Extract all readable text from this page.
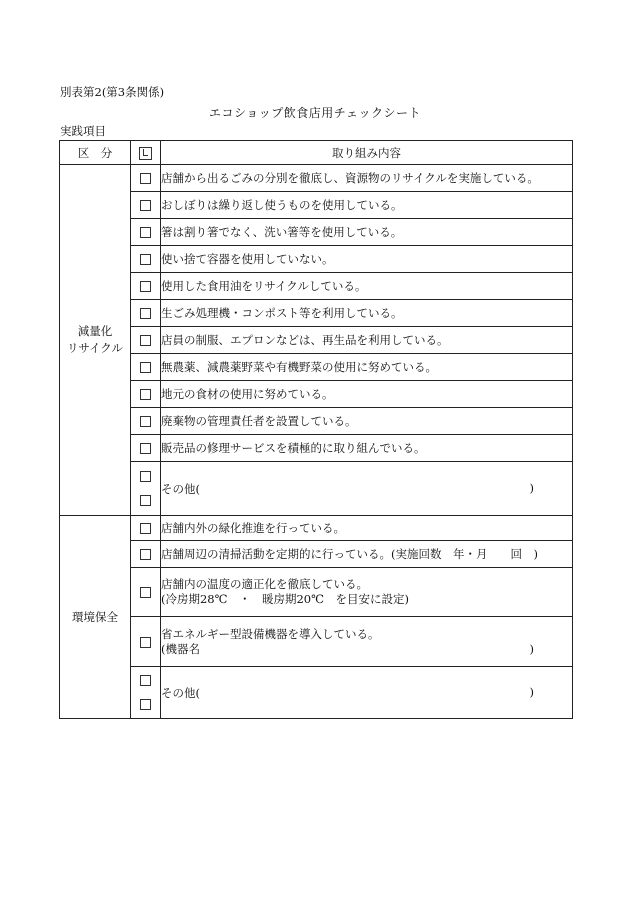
別表第2(第3条関係)
エコショップ飲食店用チェックシート
実践項目
区　分		取り組み内容

減量化
リサイクル		店舗から出るごみの分別を徹底し、資源物のリサイクルを実施している。
		おしぼりは繰り返し使うものを使用している。
		箸は割り箸でなく、洗い箸等を使用している。
		使い捨て容器を使用していない。
		使用した食用油をリサイクルしている。
		生ごみ処理機・コンポスト等を利用している。
		店員の制服、エプロンなどは、再生品を利用している。
		無農薬、減農薬野菜や有機野菜の使用に努めている。
		地元の食材の使用に努めている。
		廃棄物の管理責任者を設置している。
		販売品の修理サービスを積極的に取り組んでいる。

		その他( )

環境保全		店舗内外の緑化推進を行っている。
		店舗周辺の清掃活動を定期的に行っている。(実施回数　年・月　　回　)

		店舗内の温度の適正化を徹底している。
(冷房期28℃　・　暖房期20℃　を目安に設定)

		省エネルギー型設備機器を導入している。
(機器名 )

		その他( )
